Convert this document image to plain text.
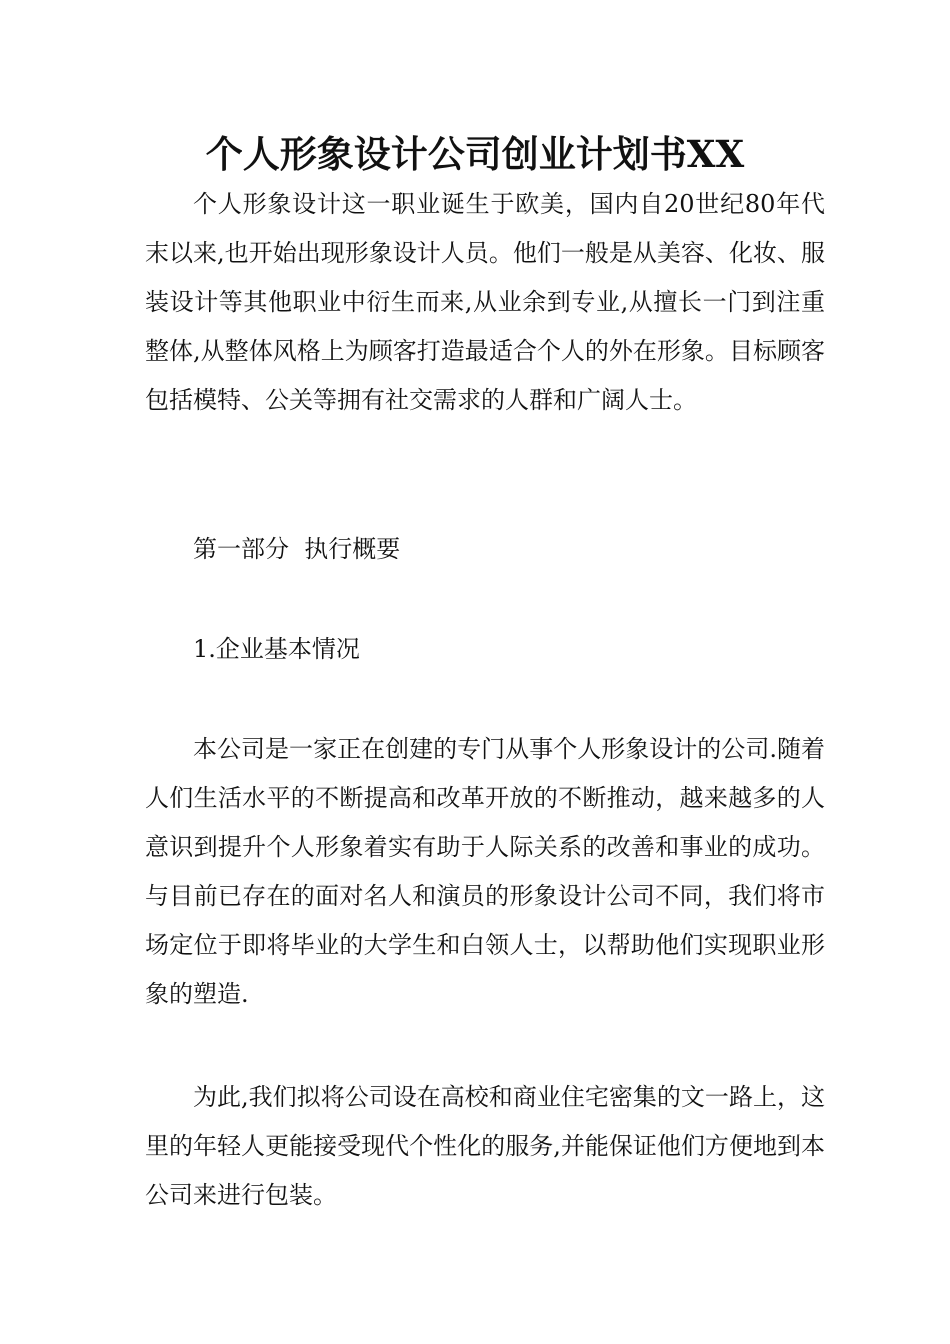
个人形象设计公司创业计划书XX

个人形象设计这一职业诞生于欧美，国内自20世纪80年代末以来,也开始出现形象设计人员。他们一般是从美容、化妆、服装设计等其他职业中衍生而来,从业余到专业,从擅长一门到注重整体,从整体风格上为顾客打造最适合个人的外在形象。目标顾客包括模特、公关等拥有社交需求的人群和广阔人士。

第一部分  执行概要

1.企业基本情况

本公司是一家正在创建的专门从事个人形象设计的公司.随着人们生活水平的不断提高和改革开放的不断推动，越来越多的人意识到提升个人形象着实有助于人际关系的改善和事业的成功。与目前已存在的面对名人和演员的形象设计公司不同，我们将市场定位于即将毕业的大学生和白领人士，以帮助他们实现职业形象的塑造.

为此,我们拟将公司设在高校和商业住宅密集的文一路上，这里的年轻人更能接受现代个性化的服务,并能保证他们方便地到本公司来进行包装。
